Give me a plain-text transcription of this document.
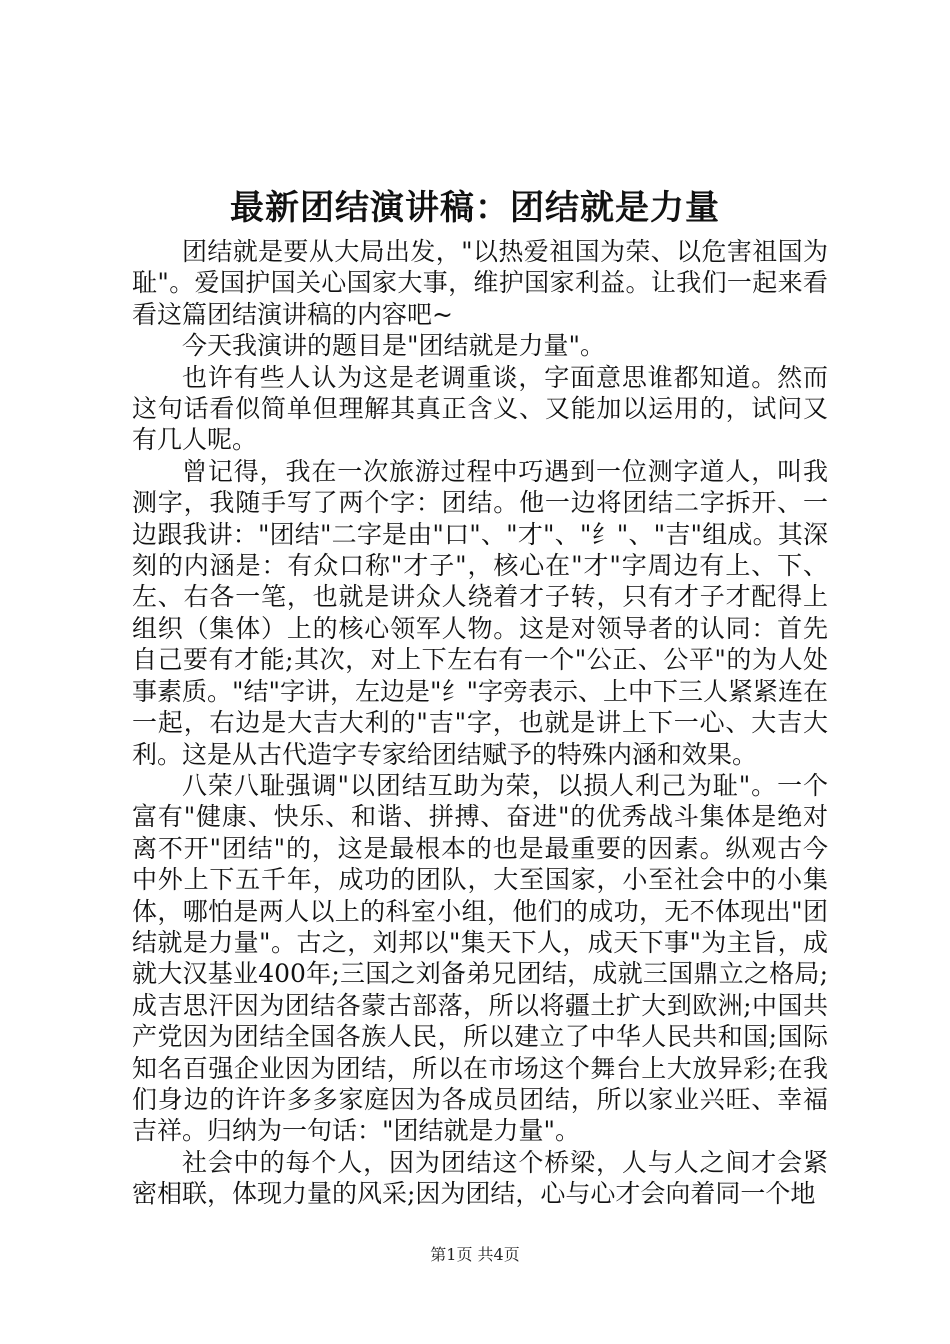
最新团结演讲稿：团结就是力量

团结就是要从大局出发，"以热爱祖国为荣、以危害祖国为耻"。爱国护国关心国家大事，维护国家利益。让我们一起来看看这篇团结演讲稿的内容吧~

今天我演讲的题目是"团结就是力量"。

也许有些人认为这是老调重谈，字面意思谁都知道。然而这句话看似简单但理解其真正含义、又能加以运用的，试问又有几人呢。

曾记得，我在一次旅游过程中巧遇到一位测字道人，叫我测字，我随手写了两个字：团结。他一边将团结二字拆开、一边跟我讲："团结"二字是由"口"、"才"、"纟"、"吉"组成。其深刻的内涵是：有众口称"才子"，核心在"才"字周边有上、下、左、右各一笔，也就是讲众人绕着才子转，只有才子才配得上组织（集体）上的核心领军人物。这是对领导者的认同：首先自己要有才能;其次，对上下左右有一个"公正、公平"的为人处事素质。"结"字讲，左边是"纟"字旁表示、上中下三人紧紧连在一起，右边是大吉大利的"吉"字，也就是讲上下一心、大吉大利。这是从古代造字专家给团结赋予的特殊内涵和效果。

八荣八耻强调"以团结互助为荣，以损人利己为耻"。一个富有"健康、快乐、和谐、拼搏、奋进"的优秀战斗集体是绝对离不开"团结"的，这是最根本的也是最重要的因素。纵观古今中外上下五千年，成功的团队，大至国家，小至社会中的小集体，哪怕是两人以上的科室小组，他们的成功，无不体现出"团结就是力量"。古之，刘邦以"集天下人，成天下事"为主旨，成就大汉基业400年;三国之刘备弟兄团结，成就三国鼎立之格局;成吉思汗因为团结各蒙古部落，所以将疆土扩大到欧洲;中国共产党因为团结全国各族人民，所以建立了中华人民共和国;国际知名百强企业因为团结，所以在市场这个舞台上大放异彩;在我们身边的许许多多家庭因为各成员团结，所以家业兴旺、幸福吉祥。归纳为一句话："团结就是力量"。

社会中的每个人，因为团结这个桥梁，人与人之间才会紧密相联，体现力量的风采;因为团结，心与心才会向着同一个地

第1页 共4页
